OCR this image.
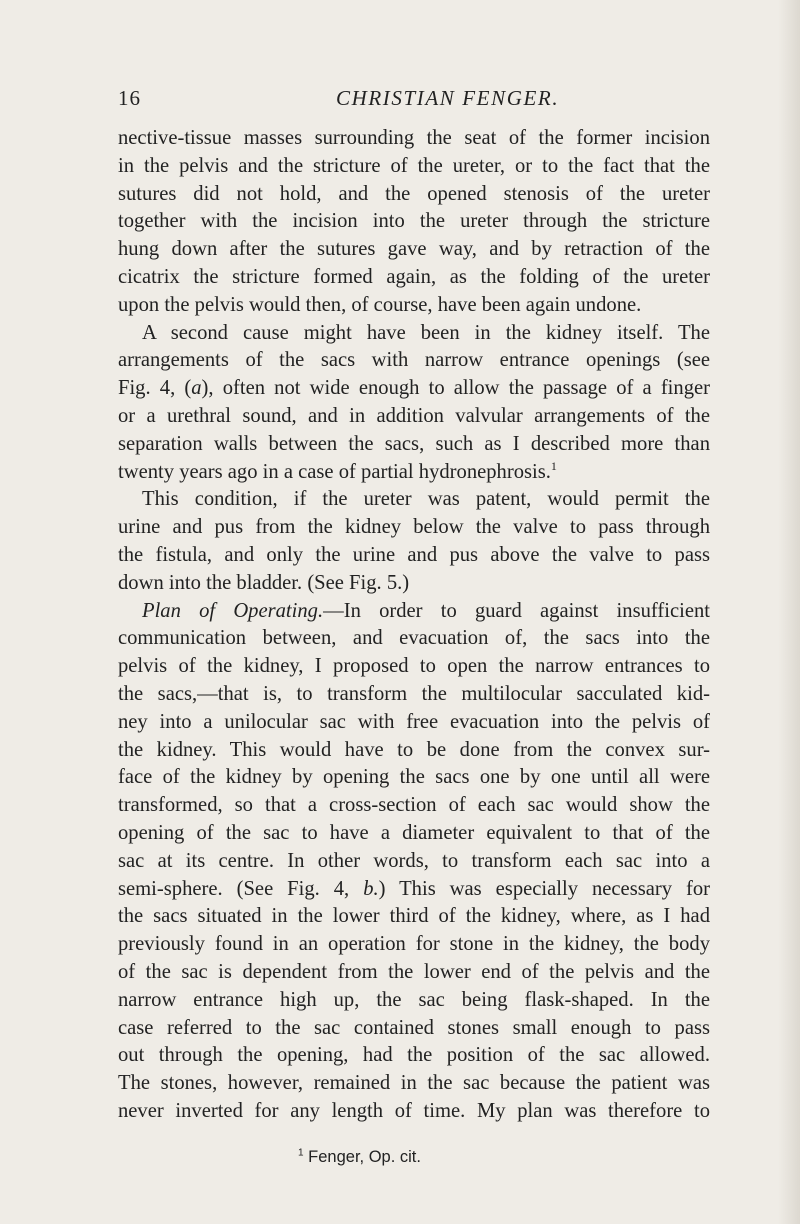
16	CHRISTIAN FENGER.
nective-tissue masses surrounding the seat of the former incision
in the pelvis and the stricture of the ureter, or to the fact that the
sutures did not hold, and the opened stenosis of the ureter
together with the incision into the ureter through the stricture
hung down after the sutures gave way, and by retraction of the
cicatrix the stricture formed again, as the folding of the ureter
upon the pelvis would then, of course, have been again undone.
A second cause might have been in the kidney itself. The
arrangements of the sacs with narrow entrance openings (see
Fig. 4, (a), often not wide enough to allow the passage of a finger
or a urethral sound, and in addition valvular arrangements of the
separation walls between the sacs, such as I described more than
twenty years ago in a case of partial hydronephrosis.$^1$
This condition, if the ureter was patent, would permit the
urine and pus from the kidney below the valve to pass through
the fistula, and only the urine and pus above the valve to pass
down into the bladder. (See Fig. 5.)
Plan of Operating.—In order to guard against insufficient
communication between, and evacuation of, the sacs into the
pelvis of the kidney, I proposed to open the narrow entrances to
the sacs,—that is, to transform the multilocular sacculated kid-
ney into a unilocular sac with free evacuation into the pelvis of
the kidney. This would have to be done from the convex sur-
face of the kidney by opening the sacs one by one until all were
transformed, so that a cross-section of each sac would show the
opening of the sac to have a diameter equivalent to that of the
sac at its centre. In other words, to transform each sac into a
semi-sphere. (See Fig. 4, b.) This was especially necessary for
the sacs situated in the lower third of the kidney, where, as I had
previously found in an operation for stone in the kidney, the body
of the sac is dependent from the lower end of the pelvis and the
narrow entrance high up, the sac being flask-shaped. In the
case referred to the sac contained stones small enough to pass
out through the opening, had the position of the sac allowed.
The stones, however, remained in the sac because the patient was
never inverted for any length of time. My plan was therefore to
$^1$ Fenger, Op. cit.
